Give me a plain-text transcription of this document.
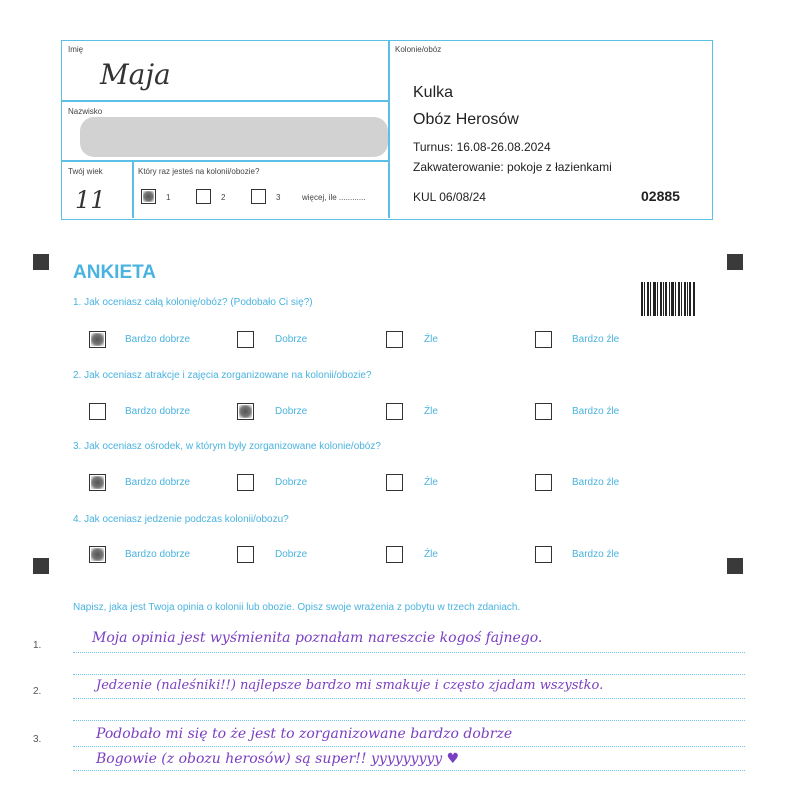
Imię
Maja
Nazwisko
Twój wiek
11
Który raz jesteś na kolonii/obozie?
1	2	3	więcej, ile ............
Kolonie/obóz
Kulka
Obóz Herosów
Turnus: 16.08-26.08.2024
Zakwaterowanie: pokoje z łazienkami
KUL 06/08/24	02885
ANKIETA
1. Jak oceniasz całą kolonię/obóz? (Podobało Ci się?)
Bardzo dobrze	Dobrze	Źle	Bardzo źle
2. Jak oceniasz atrakcje i zajęcia zorganizowane na kolonii/obozie?
Bardzo dobrze	Dobrze	Źle	Bardzo źle
3. Jak oceniasz ośrodek, w którym były zorganizowane kolonie/obóz?
Bardzo dobrze	Dobrze	Źle	Bardzo źle
4. Jak oceniasz jedzenie podczas kolonii/obozu?
Bardzo dobrze	Dobrze	Źle	Bardzo źle
Napisz, jaka jest Twoja opinia o kolonii lub obozie. Opisz swoje wrażenia z pobytu w trzech zdaniach.
1.
2.
3.
Moja opinia jest wyśmienita poznałam nareszcie kogoś fajnego.
Jedzenie (naleśniki!!) najlepsze bardzo mi smakuje i często zjadam wszystko.
Podobało mi się to że jest to zorganizowane bardzo dobrze
Bogowie (z obozu herosów) są super!! yyyyyyyyy ♥
